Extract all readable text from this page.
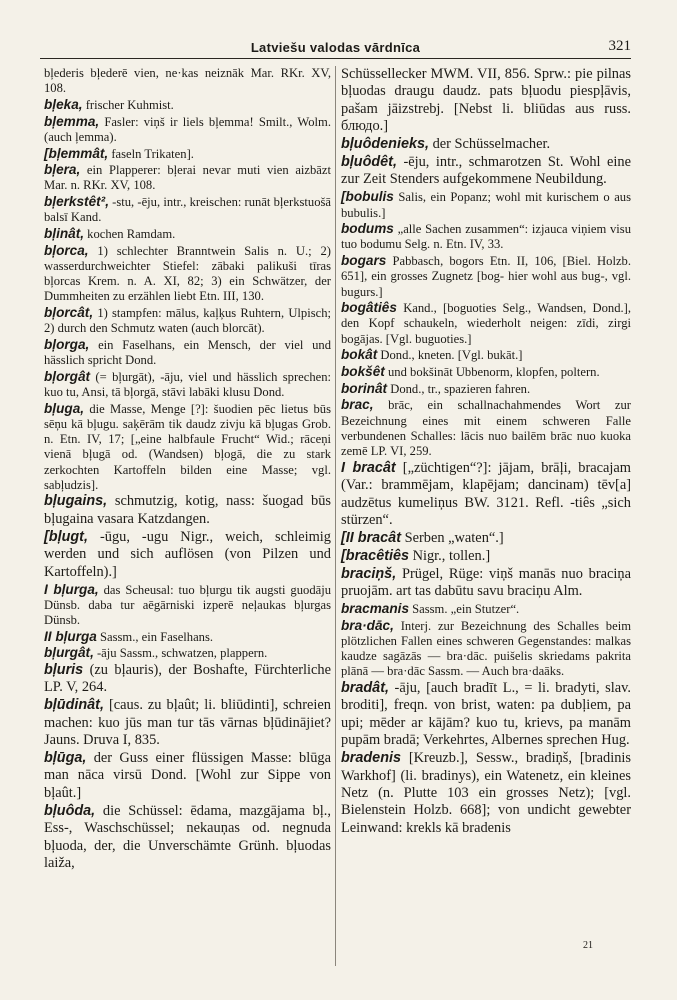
Latviešu valodas vārdnīca	321

bļederis bļederē vien, ne·kas neiznāk Mar. RKr. XV, 108.

bļeka, frischer Kuhmist.

bļemma, Fasler: viņš ir liels bļemma! Smilt., Wolm. (auch ļemma).

[bļemmât, faseln Trikaten].

bļera, ein Plapperer: bļerai nevar muti vien aizbāzt Mar. n. RKr. XV, 108.

bļerkstêt², -stu, -ēju, intr., kreischen: runāt bļerkstuošā balsī Kand.

bļinât, kochen Ramdam.

bļorca, 1) schlechter Branntwein Salis n. U.; 2) wasserdurchweichter Stiefel: zābaki palikuši tīras bļorcas Krem. n. A. XI, 82; 3) ein Schwätzer, der Dummheiten zu erzählen liebt Etn. III, 130.

bļorcât, 1) stampfen: mālus, kaļķus Ruhtern, Ulpisch; 2) durch den Schmutz waten (auch blorcāt).

bļorga, ein Faselhans, ein Mensch, der viel und hässlich spricht Dond.

bļorgât (= bļurgāt), -āju, viel und hässlich sprechen: kuo tu, Ansi, tā bļorgā, stāvi labāki klusu Dond.

bļuga, die Masse, Menge [?]: šuodien pēc lietus būs sēņu kā bļugu. saķērām tik daudz zivju kā bļugas Grob. n. Etn. IV, 17; [„eine halbfaule Frucht“ Wid.; rāceņi vienā bļugā od. (Wandsen) bļogā, die zu stark zerkochten Kartoffeln bilden eine Masse; vgl. sabļudzis].

bļugains, schmutzig, kotig, nass: šuogad būs bļugaina vasara Katzdangen.

[bļugt, -ūgu, -ugu Nigr., weich, schleimig werden und sich auflösen (von Pilzen und Kartoffeln).]

I bļurga, das Scheusal: tuo bļurgu tik augsti guodāju Dünsb. daba tur aēgārniski izperē neļaukas bļurgas Dünsb.

II bļurga Sassm., ein Faselhans.

bļurgât, -āju Sassm., schwatzen, plappern.

bļuris (zu bļauris), der Boshafte, Fürchterliche LP. V, 264.

bļūdinât, [caus. zu bļaût; li. bliūdinti], schreien machen: kuo jūs man tur tās vārnas bļūdinājiet? Jauns. Druva I, 835.

bļūga, der Guss einer flüssigen Masse: blūga man nāca virsū Dond. [Wohl zur Sippe von bļaût.]

bļuôda, die Schüssel: ēdama, mazgājama bļ., Ess-, Waschschüssel; nekauņas od. negnuda bļuoda, der, die Unverschämte Grünh. bļuodas laiža,

Schüssellecker MWM. VII, 856. Sprw.: pie pilnas bļuodas draugu daudz. pats bļuodu piespļāvis, pašam jāizstrebj. [Nebst li. bliūdas aus russ. блюдо.]

bļuôdenieks, der Schüsselmacher.

bļuôdêt, -ēju, intr., schmarotzen St. Wohl eine zur Zeit Stenders aufgekommene Neubildung.

[bobulis Salis, ein Popanz; wohl mit kurischem o aus bubulis.]

bodums „alle Sachen zusammen“: izjauca viņiem visu tuo bodumu Selg. n. Etn. IV, 33.

bogars Pabbasch, bogors Etn. II, 106, [Biel. Holzb. 651], ein grosses Zugnetz [bog- hier wohl aus bug-, vgl. bugurs.]

bogâtiês Kand., [boguoties Selg., Wandsen, Dond.], den Kopf schaukeln, wiederholt neigen: zīdi, zirgi bogājas. [Vgl. buguoties.]

bokât Dond., kneten. [Vgl. bukāt.]

bokšêt und bokšināt Ubbenorm, klopfen, poltern.

borinât Dond., tr., spazieren fahren.

brac, brāc, ein schallnachahmendes Wort zur Bezeichnung eines mit einem schweren Falle verbundenen Schalles: lācis nuo bailēm brāc nuo kuoka zemē LP. VI, 259.

I bracât [„züchtigen“?]: jājam, brāļi, bracajam (Var.: brammējam, klapējam; dancinam) tēv[a] audzētus kumeliņus BW. 3121. Refl. -tiês „sich stürzen“.

[II bracât Serben „waten“.]

[bracêtiês Nigr., tollen.]

braciņš, Prügel, Rüge: viņš manās nuo braciņa pruojām. art tas dabūtu savu braciņu Alm.

bracmanis Sassm. „ein Stutzer“.

bra·dāc, Interj. zur Bezeichnung des Schalles beim plötzlichen Fallen eines schweren Gegenstandes: malkas kaudze sagāzās — bra·dāc. puišelis skriedams pakrita plānā — bra·dāc Sassm. — Auch bra·daāks.

bradât, -āju, [auch bradīt L., = li. bradyti, slav. broditi], freqn. von brist, waten: pa dubļiem, pa upi; mēder ar kājām? kuo tu, krievs, pa manām pupām bradā; Verkehrtes, Albernes sprechen Hug.

bradenis [Kreuzb.], Sessw., bradiņš, [bradinis Warkhof] (li. bradinys), ein Watenetz, ein kleines Netz (n. Plutte 103 ein grosses Netz); [vgl. Bielenstein Holzb. 668]; von undicht gewebter Leinwand: krekls kā bradenis

21
